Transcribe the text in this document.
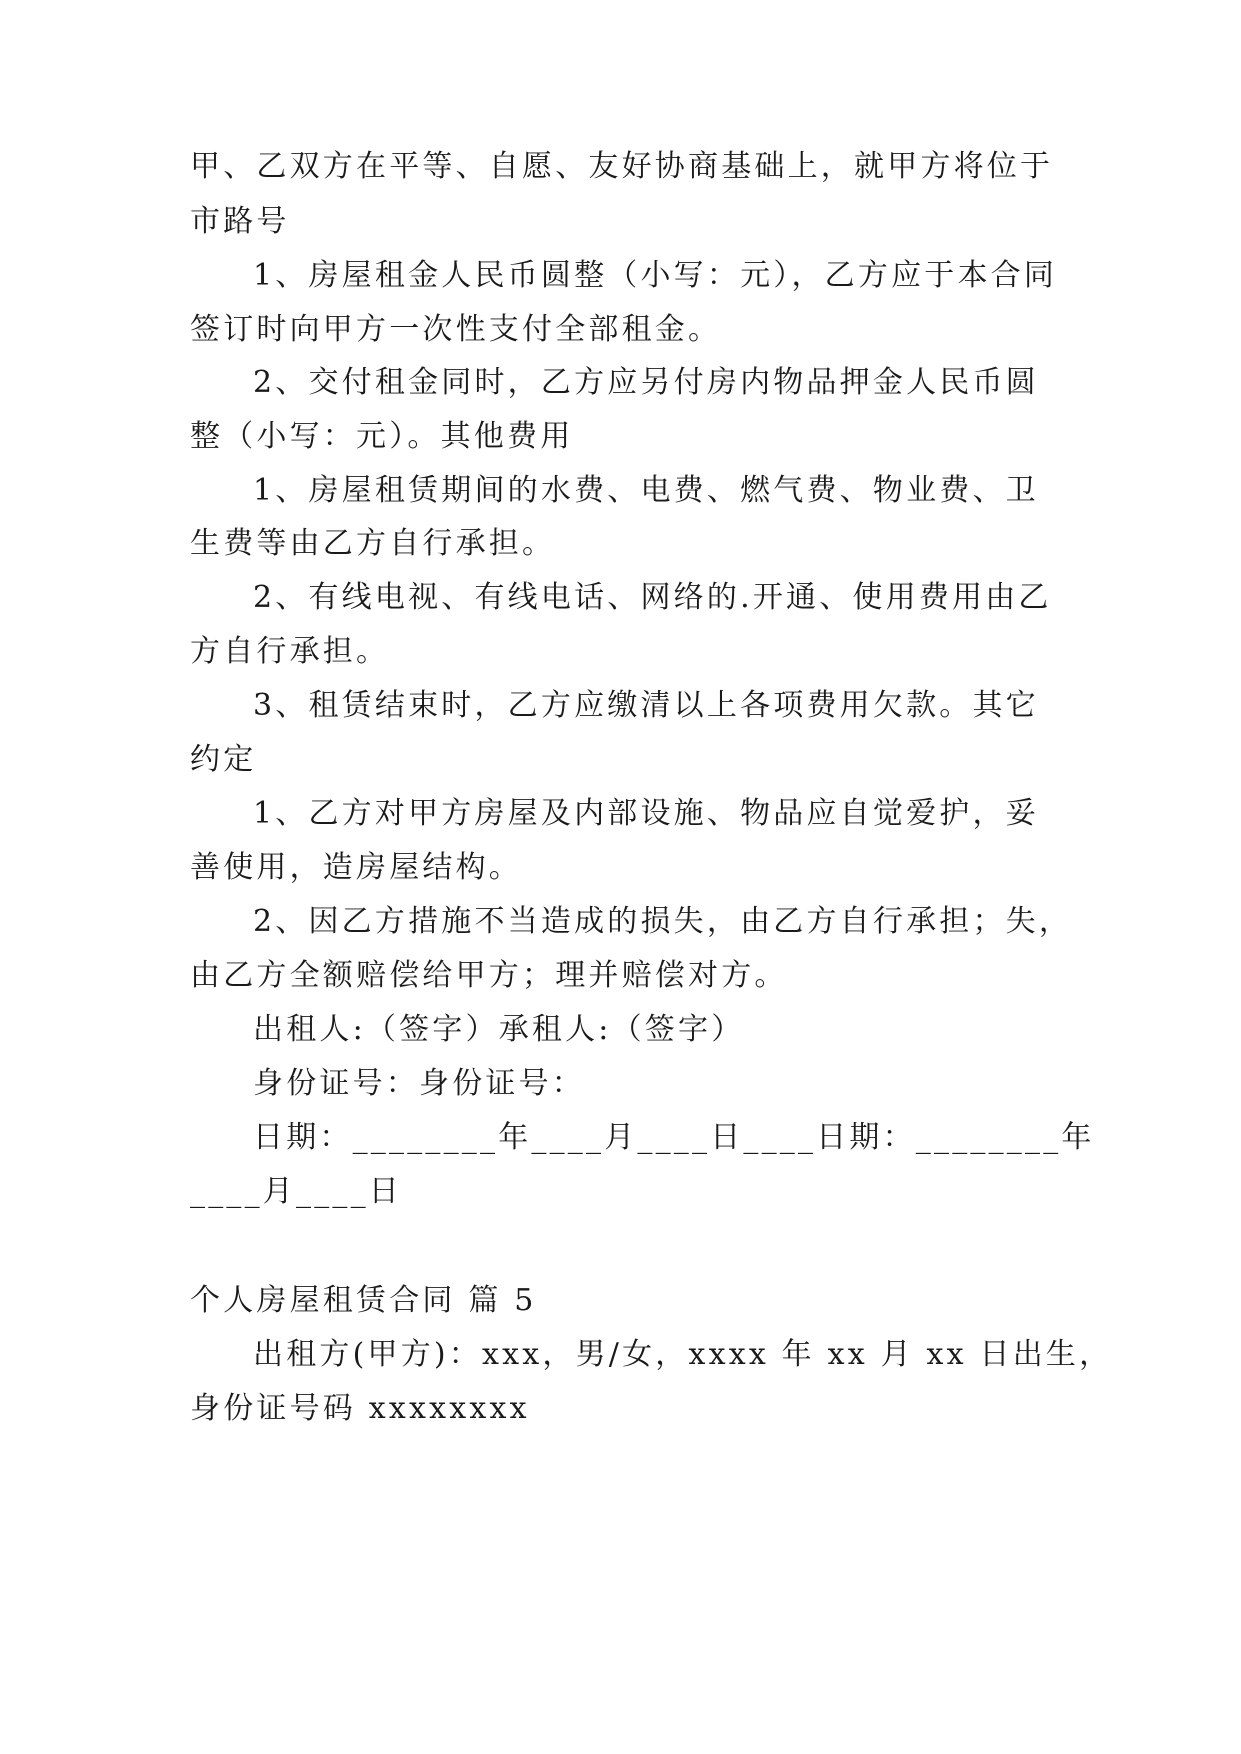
甲、乙双方在平等、自愿、友好协商基础上，就甲方将位于
市路号
1、房屋租金人民币圆整（小写：元），乙方应于本合同
签订时向甲方一次性支付全部租金。
2、交付租金同时，乙方应另付房内物品押金人民币圆
整（小写：元）。其他费用
1、房屋租赁期间的水费、电费、燃气费、物业费、卫
生费等由乙方自行承担。
2、有线电视、有线电话、网络的.开通、使用费用由乙
方自行承担。
3、租赁结束时，乙方应缴清以上各项费用欠款。其它
约定
1、乙方对甲方房屋及内部设施、物品应自觉爱护，妥
善使用，造房屋结构。
2、因乙方措施不当造成的损失，由乙方自行承担；失，
由乙方全额赔偿给甲方；理并赔偿对方。
出租人:（签字）承租人:（签字）
身份证号：身份证号：
日期：________年____月____日____日期：________年
____月____日
个人房屋租赁合同 篇 5
出租方(甲方)：xxx，男/女，xxxx 年 xx 月 xx 日出生，
身份证号码 xxxxxxxx
